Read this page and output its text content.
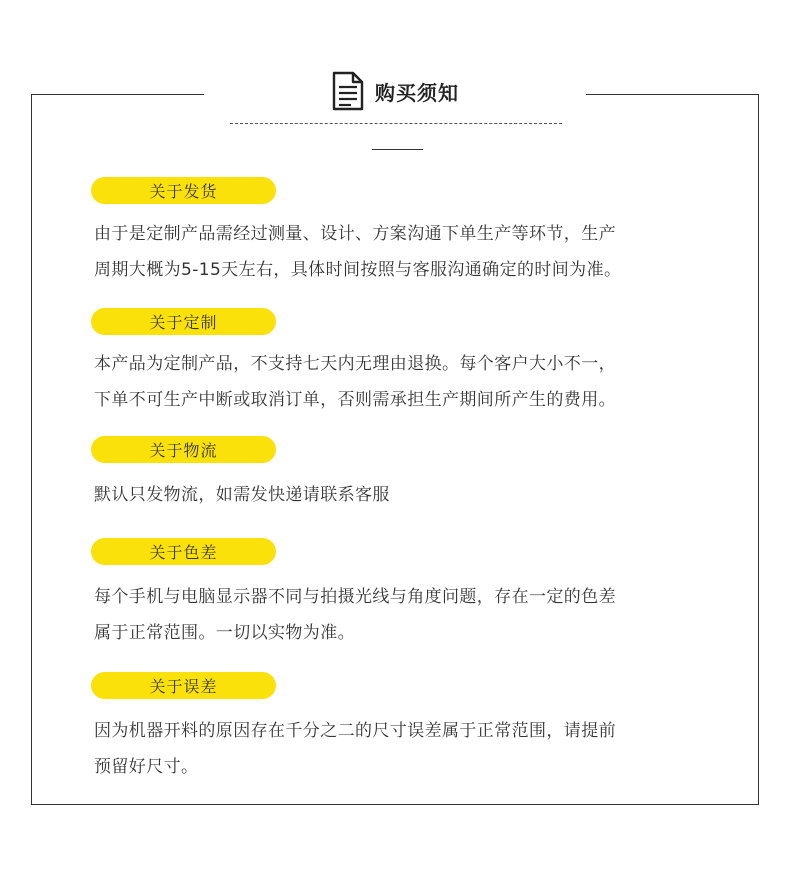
购买须知
关于发货
由于是定制产品需经过测量、设计、方案沟通下单生产等环节，生产
周期大概为5-15天左右，具体时间按照与客服沟通确定的时间为准。
关于定制
本产品为定制产品，不支持七天内无理由退换。每个客户大小不一，
下单不可生产中断或取消订单，否则需承担生产期间所产生的费用。
关于物流
默认只发物流，如需发快递请联系客服
关于色差
每个手机与电脑显示器不同与拍摄光线与角度问题，存在一定的色差
属于正常范围。一切以实物为准。
关于误差
因为机器开料的原因存在千分之二的尺寸误差属于正常范围，请提前
预留好尺寸。
